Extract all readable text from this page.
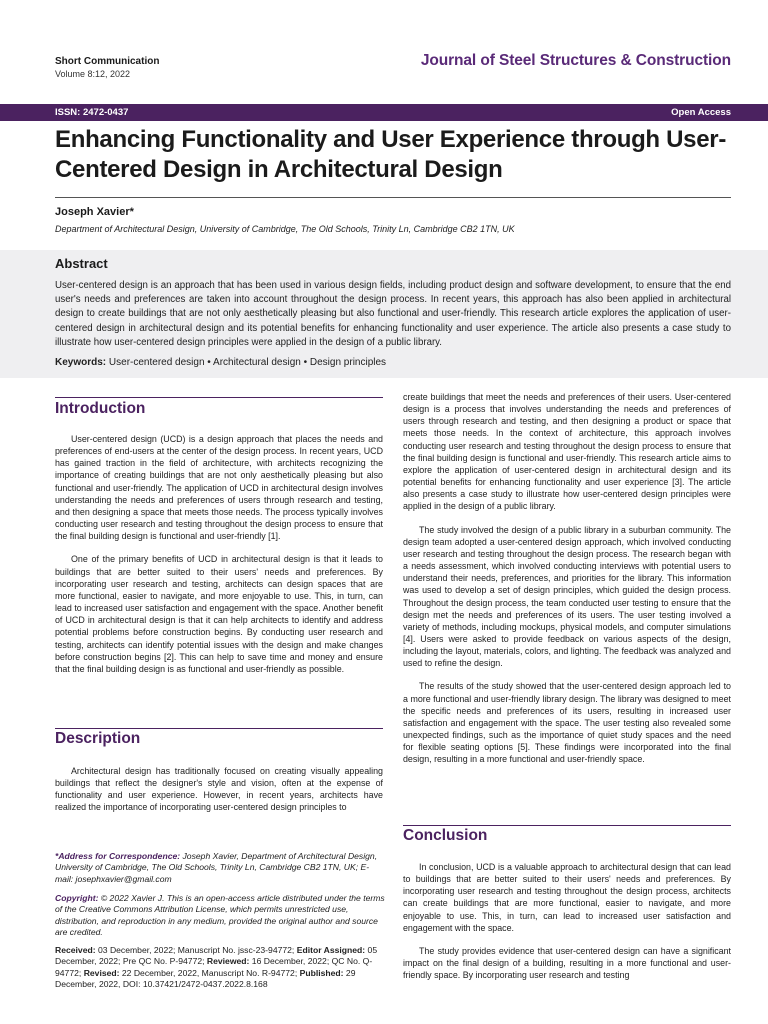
Short Communication
Volume 8:12, 2022
Journal of Steel Structures & Construction
ISSN: 2472-0437	Open Access
Enhancing Functionality and User Experience through User-Centered Design in Architectural Design
Joseph Xavier*
Department of Architectural Design, University of Cambridge, The Old Schools, Trinity Ln, Cambridge CB2 1TN, UK
Abstract
User-centered design is an approach that has been used in various design fields, including product design and software development, to ensure that the end user's needs and preferences are taken into account throughout the design process. In recent years, this approach has also been applied in architectural design to create buildings that are not only aesthetically pleasing but also functional and user-friendly. This research article explores the application of user-centered design in architectural design and its potential benefits for enhancing functionality and user experience. The article also presents a case study to illustrate how user-centered design principles were applied in the design of a public library.
Keywords: User-centered design • Architectural design • Design principles
Introduction

User-centered design (UCD) is a design approach that places the needs and preferences of end-users at the center of the design process. In recent years, UCD has gained traction in the field of architecture, with architects recognizing the importance of creating buildings that are not only aesthetically pleasing but also functional and user-friendly. The application of UCD in architectural design involves understanding the needs and preferences of users through research and testing, and then designing a space that meets those needs. The process typically involves conducting user research and testing throughout the design process to ensure that the final building design is functional and user-friendly [1].

One of the primary benefits of UCD in architectural design is that it leads to buildings that are better suited to their users' needs and preferences. By incorporating user research and testing, architects can design spaces that are more functional, easier to navigate, and more enjoyable to use. This, in turn, can lead to increased user satisfaction and engagement with the space. Another benefit of UCD in architectural design is that it can help architects to identify and address potential problems before construction begins. By conducting user research and testing, architects can identify potential issues with the design and make changes before construction begins [2]. This can help to save time and money and ensure that the final building design is as functional and user-friendly as possible.

Description

Architectural design has traditionally focused on creating visually appealing buildings that reflect the designer's style and vision, often at the expense of functionality and user experience. However, in recent years, architects have realized the importance of incorporating user-centered design principles to

*Address for Correspondence: Joseph Xavier, Department of Architectural Design, University of Cambridge, The Old Schools, Trinity Ln, Cambridge CB2 1TN, UK; E-mail: josephxavier@gmail.com
Copyright: © 2022 Xavier J. This is an open-access article distributed under the terms of the Creative Commons Attribution License, which permits unrestricted use, distribution, and reproduction in any medium, provided the original author and source are credited.
Received: 03 December, 2022; Manuscript No. jssc-23-94772; Editor Assigned: 05 December, 2022; Pre QC No. P-94772; Reviewed: 16 December, 2022; QC No. Q-94772; Revised: 22 December, 2022, Manuscript No. R-94772; Published: 29 December, 2022, DOI: 10.37421/2472-0437.2022.8.168

create buildings that meet the needs and preferences of their users. User-centered design is a process that involves understanding the needs and preferences of users through research and testing, and then designing a product or space that meets those needs. In the context of architecture, this approach involves conducting user research and testing throughout the design process to ensure that the final building design is functional and user-friendly. This research article aims to explore the application of user-centered design in architectural design and its potential benefits for enhancing functionality and user experience [3]. The article also presents a case study to illustrate how user-centered design principles were applied in the design of a public library.

The study involved the design of a public library in a suburban community. The design team adopted a user-centered design approach, which involved conducting user research and testing throughout the design process. The research began with a needs assessment, which involved conducting interviews with potential users to understand their needs, preferences, and priorities for the library. This information was used to develop a set of design principles, which guided the design process. Throughout the design process, the team conducted user testing to ensure that the design met the needs and preferences of its users. The user testing involved a variety of methods, including mockups, physical models, and computer simulations [4]. Users were asked to provide feedback on various aspects of the design, including the layout, materials, colors, and lighting. The feedback was analyzed and used to refine the design.

The results of the study showed that the user-centered design approach led to a more functional and user-friendly library design. The library was designed to meet the specific needs and preferences of its users, resulting in increased user satisfaction and engagement with the space. The user testing also revealed some unexpected findings, such as the importance of quiet study spaces and the need for flexible seating options [5]. These findings were incorporated into the final design, resulting in a more functional and user-friendly space.

Conclusion

In conclusion, UCD is a valuable approach to architectural design that can lead to buildings that are better suited to their users' needs and preferences. By incorporating user research and testing throughout the design process, architects can create buildings that are more functional, easier to navigate, and more enjoyable to use. This, in turn, can lead to increased user satisfaction and engagement with the space.

The study provides evidence that user-centered design can have a significant impact on the final design of a building, resulting in a more functional and user-friendly space. By incorporating user research and testing
